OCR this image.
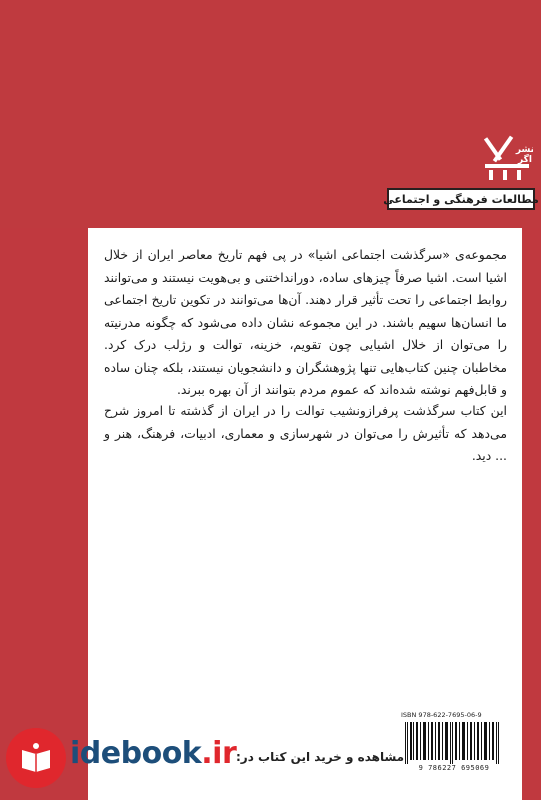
نشر
اگر
مطالعات فرهنگی و اجتماعی
مجموعه‌ی «سرگذشت اجتماعی اشیا» در پی فهم تاریخ معاصر ایران از خلال اشیا است. اشیا صرفاً چیزهای ساده، دورانداختنی و بی‌هویت نیستند و می‌توانند روابط اجتماعی را تحت تأثیر قرار دهند. آن‌ها می‌توانند در تکوین تاریخ اجتماعی ما انسان‌ها سهیم باشند. در این مجموعه نشان داده می‌شود که چگونه مدرنیته را می‌توان از خلال اشیایی چون تقویم، خزینه، توالت و رژلب درک کرد. مخاطبان چنین کتاب‌هایی تنها پژوهشگران و دانشجویان نیستند، بلکه چنان ساده و قابل‌فهم نوشته شده‌اند که عموم مردم بتوانند از آن بهره ببرند.
این کتاب سرگذشت پرفرازونشیب توالت را در ایران از گذشته تا امروز شرح می‌دهد که تأثیرش را می‌توان در شهرسازی و معماری، ادبیات، فرهنگ، هنر و ... دید.
ISBN 978-622-7695-06-9
9 786227 695069
idebook.ir مشاهده و خرید این کتاب در:
